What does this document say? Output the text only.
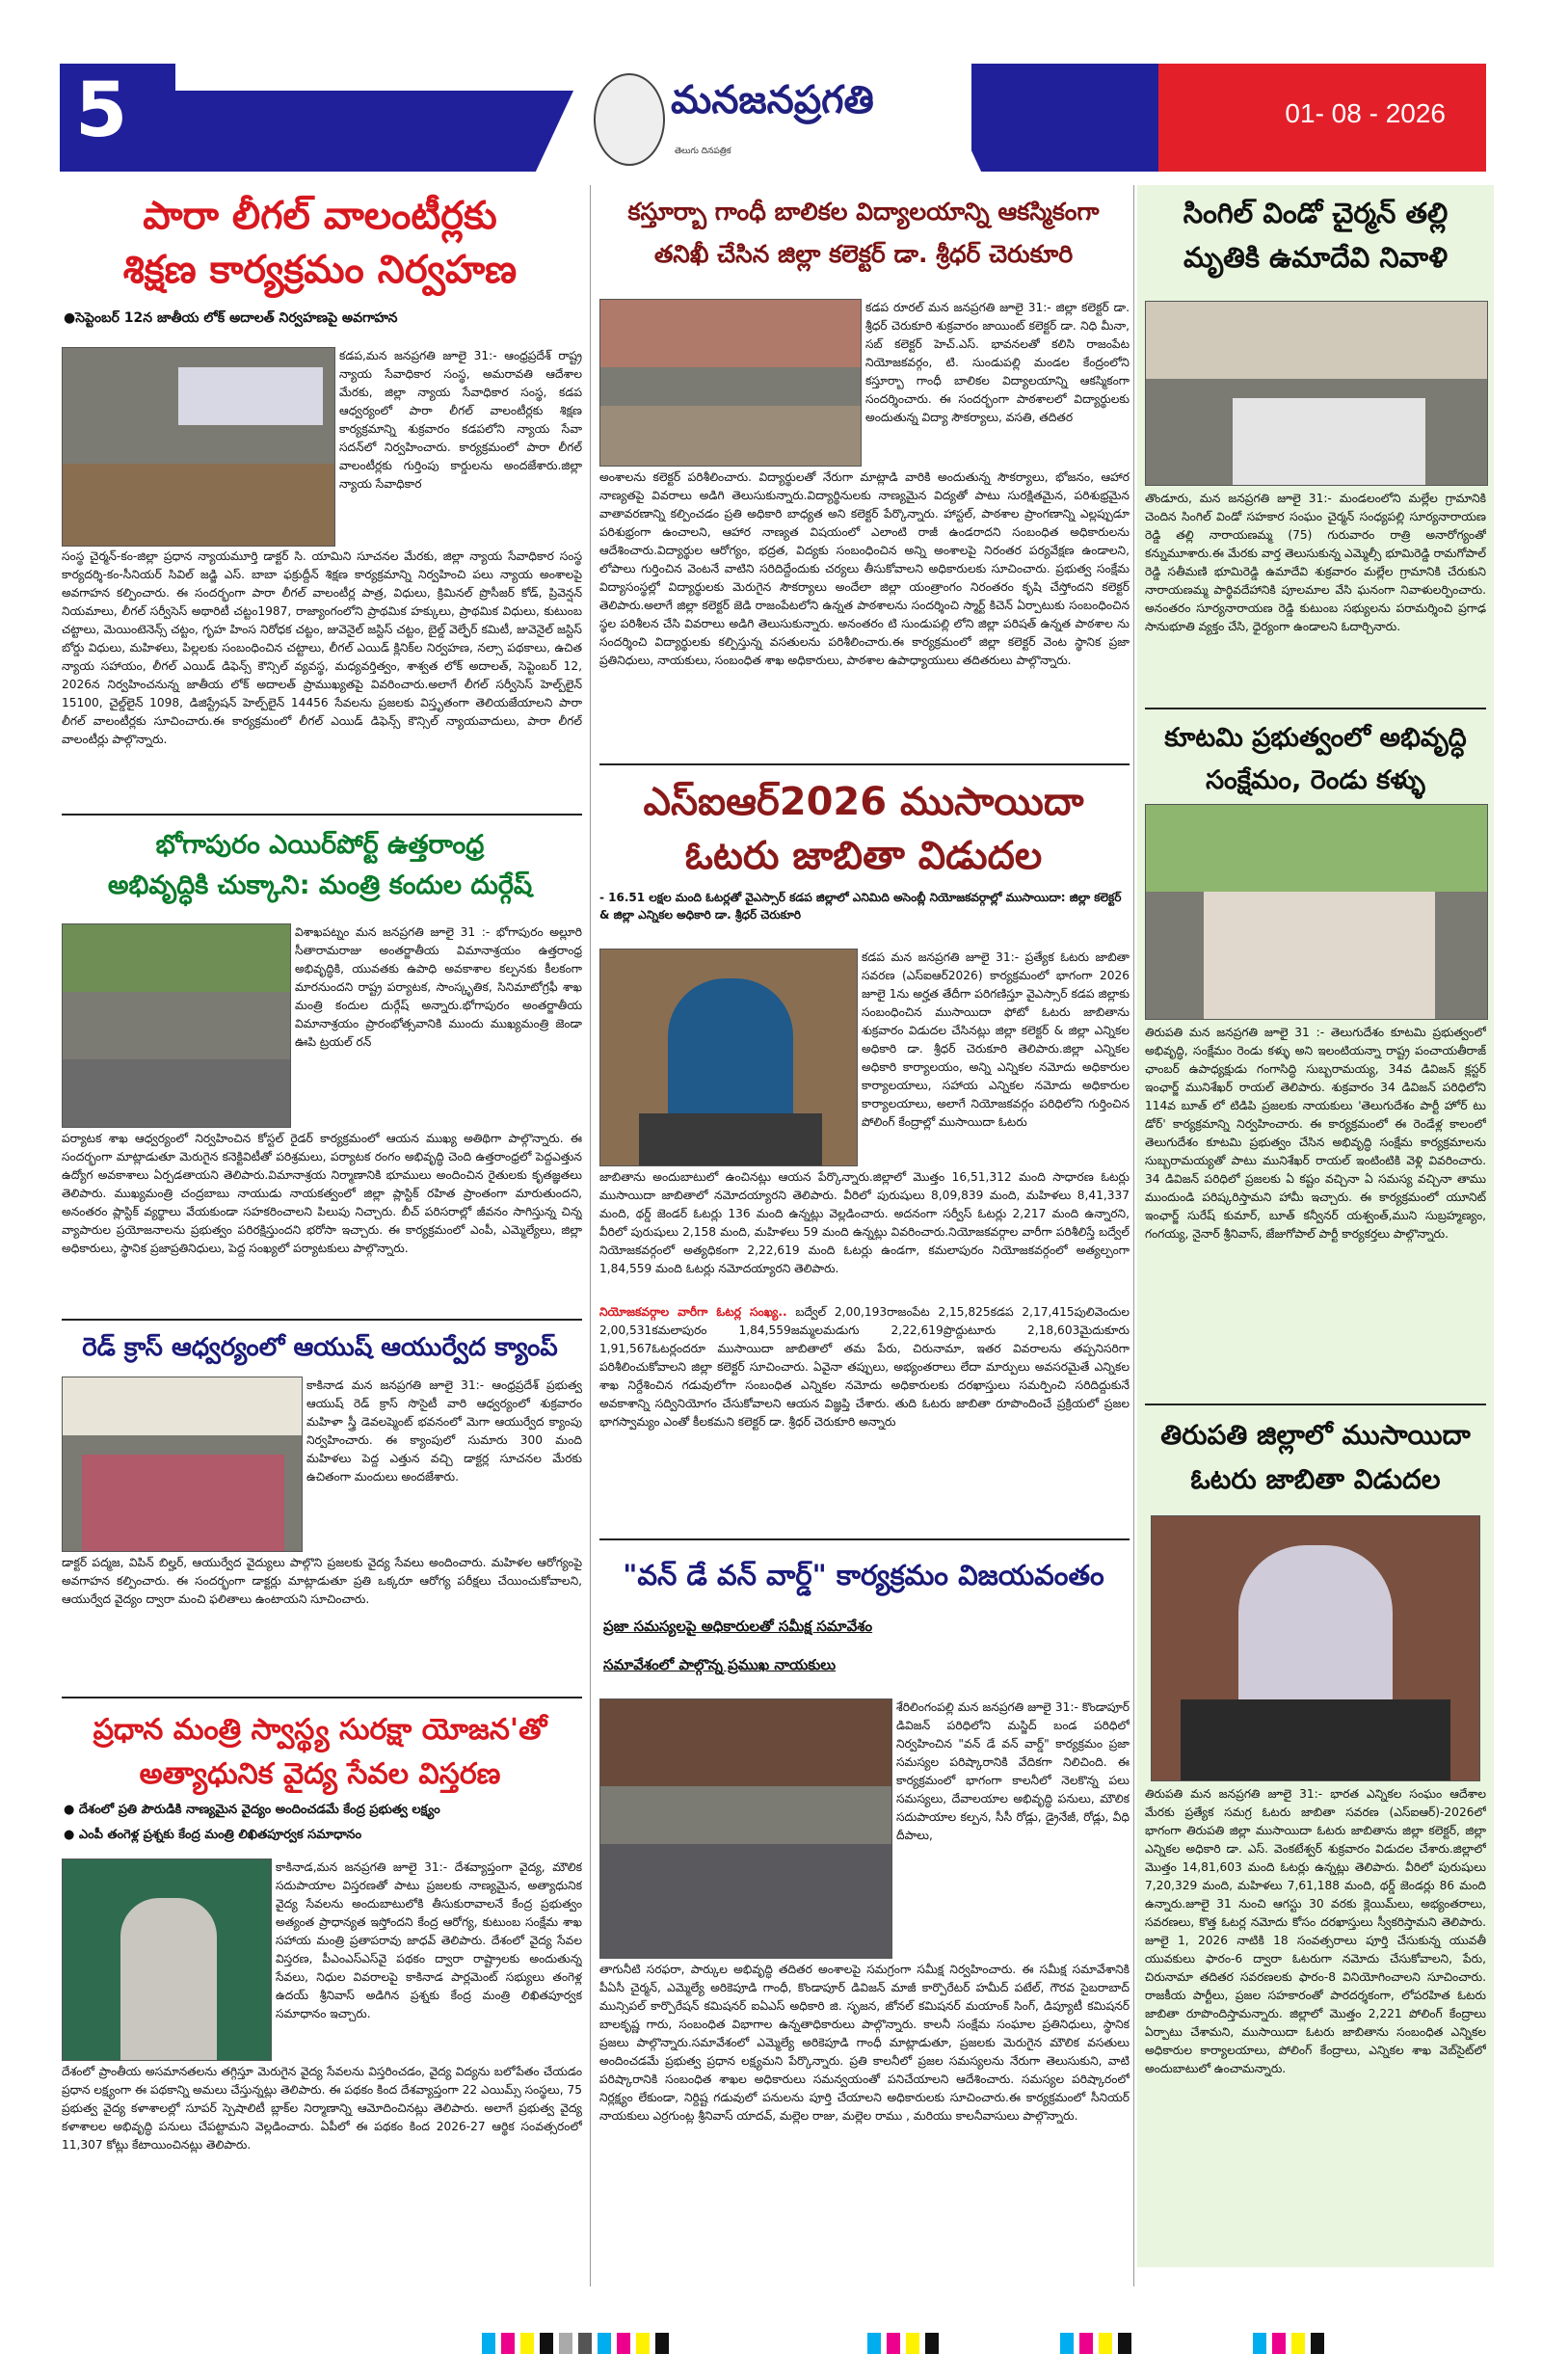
5	01- 08 - 2026
మనజనప్రగతి
తెలుగు దినపత్రిక
పారా లీగల్ వాలంటీర్లకు
శిక్షణ కార్యక్రమం నిర్వహణ
●సెప్టెంబర్ 12న జాతీయ లోక్ అదాలత్ నిర్వహణపై అవగాహన
కడప,మన జనప్రగతి జూలై 31:- ఆంధ్రప్రదేశ్ రాష్ట్ర న్యాయ సేవాధికార సంస్థ, అమరావతి ఆదేశాల మేరకు, జిల్లా న్యాయ సేవాధికార సంస్థ, కడప ఆధ్వర్యంలో పారా లీగల్ వాలంటీర్లకు శిక్షణ కార్యక్రమాన్ని శుక్రవారం కడపలోని న్యాయ సేవా సదన్‌లో నిర్వహించారు. కార్యక్రమంలో పారా లీగల్ వాలంటీర్లకు గుర్తింపు కార్డులను అందజేశారు.జిల్లా న్యాయ సేవాధికార
సంస్థ చైర్మన్-కం-జిల్లా ప్రధాన న్యాయమూర్తి డాక్టర్ సి. యామిని సూచనల మేరకు, జిల్లా న్యాయ సేవాధికార సంస్థ కార్యదర్శి-కం-సీనియర్ సివిల్ జడ్జి ఎస్. బాబా ఫక్రుద్దీన్ శిక్షణ కార్యక్రమాన్ని నిర్వహించి పలు న్యాయ అంశాలపై అవగాహన కల్పించారు. ఈ సందర్భంగా పారా లీగల్ వాలంటీర్ల పాత్ర, విధులు, క్రిమినల్ ప్రొసీజర్ కోడ్, ప్రివెన్షన్ నియమాలు, లీగల్ సర్వీసెస్ అథారిటీ చట్టం1987, రాజ్యాంగంలోని ప్రాథమిక హక్కులు, ప్రాథమిక విధులు, కుటుంబ చట్టాలు, మెయింటెనెన్స్ చట్టం, గృహ హింస నిరోధక చట్టం, జువెనైల్ జస్టిస్ చట్టం, బైల్డ్ వెల్ఫేర్ కమిటీ, జువెనైల్ జస్టిస్ బోర్డు విధులు, మహిళలు, పిల్లలకు సంబంధించిన చట్టాలు, లీగల్ ఎయిడ్ క్లినిక్‌ల నిర్వహణ, నల్సా పథకాలు, ఉచిత న్యాయ సహాయం, లీగల్ ఎయిడ్ డిఫెన్స్ కౌన్సిల్ వ్యవస్థ, మధ్యవర్తిత్వం, శాశ్వత లోక్ అదాలత్, సెప్టెంబర్ 12, 2026న నిర్వహించనున్న జాతీయ లోక్ అదాలత్ ప్రాముఖ్యతపై వివరించారు.అలాగే లీగల్ సర్వీసెస్ హెల్ప్‌లైన్ 15100, చైల్డ్‌లైన్ 1098, డిజిస్ట్రేషన్ హెల్ప్‌లైన్ 14456 సేవలను ప్రజలకు విస్తృతంగా తెలియజేయాలని పారా లీగల్ వాలంటీర్లకు సూచించారు.ఈ కార్యక్రమంలో లీగల్ ఎయిడ్ డిఫెన్స్ కౌన్సిల్ న్యాయవాదులు, పారా లీగల్ వాలంటీర్లు పాల్గొన్నారు.
భోగాపురం ఎయిర్‌పోర్ట్ ఉత్తరాంధ్ర
అభివృద్ధికి చుక్కాని: మంత్రి కందుల దుర్గేష్
విశాఖపట్నం మన జనప్రగతి జూలై 31 :- భోగాపురం అల్లూరి సీతారామరాజు అంతర్జాతీయ విమానాశ్రయం ఉత్తరాంధ్ర అభివృద్ధికి, యువతకు ఉపాధి అవకాశాల కల్పనకు కీలకంగా మారనుందని రాష్ట్ర పర్యాటక, సాంస్కృతిక, సినిమాటోగ్రఫీ శాఖ మంత్రి కందుల దుర్గేష్ అన్నారు.భోగాపురం అంతర్జాతీయ విమానాశ్రయం ప్రారంభోత్సవానికి ముందు ముఖ్యమంత్రి జెండా ఊపి ట్రయల్ రన్
పర్యాటక శాఖ ఆధ్వర్యంలో నిర్వహించిన కోస్టల్ రైడర్ కార్యక్రమంలో ఆయన ముఖ్య అతిథిగా పాల్గొన్నారు. ఈ సందర్భంగా మాట్లాడుతూ మెరుగైన కనెక్టివిటీతో పరిశ్రమలు, పర్యాటక రంగం అభివృద్ధి చెంది ఉత్తరాంధ్రలో పెద్దఎత్తున ఉద్యోగ అవకాశాలు ఏర్పడతాయని తెలిపారు.విమానాశ్రయ నిర్మాణానికి భూములు అందించిన రైతులకు కృతజ్ఞతలు తెలిపారు. ముఖ్యమంత్రి చంద్రబాబు నాయుడు నాయకత్వంలో జిల్లా ప్లాస్టిక్ రహిత ప్రాంతంగా మారుతుందని, అనంతరం ప్లాస్టిక్ వ్యర్థాలు వేయకుండా సహకరించాలని పిలుపు నిచ్చారు. బీచ్ పరిసరాల్లో జీవనం సాగిస్తున్న చిన్న వ్యాపారుల ప్రయోజనాలను ప్రభుత్వం పరిరక్షిస్తుందని భరోసా ఇచ్చారు. ఈ కార్యక్రమంలో ఎంపీ, ఎమ్మెల్యేలు, జిల్లా అధికారులు, స్థానిక ప్రజాప్రతినిధులు, పెద్ద సంఖ్యలో పర్యాటకులు పాల్గొన్నారు.
రెడ్ క్రాస్ ఆధ్వర్యంలో ఆయుష్ ఆయుర్వేద క్యాంప్
కాకినాడ మన జనప్రగతి జూలై 31:- ఆంధ్రప్రదేశ్ ప్రభుత్వ ఆయుష్ రెడ్ క్రాస్ సొసైటీ వారి ఆధ్వర్యంలో శుక్రవారం మహిళా స్త్రీ డెవలప్మెంట్ భవనంలో మెగా ఆయుర్వేద క్యాంపు నిర్వహించారు. ఈ క్యాంపులో సుమారు 300 మంది మహిళలు పెద్ద ఎత్తున వచ్చి డాక్టర్ల సూచనల మేరకు ఉచితంగా మందులు అందజేశారు.
డాక్టర్ పద్మజ, విపిన్ బిల్హర్, ఆయుర్వేద వైద్యులు పాల్గొని ప్రజలకు వైద్య సేవలు అందించారు. మహిళల ఆరోగ్యంపై అవగాహన కల్పించారు. ఈ సందర్భంగా డాక్టర్లు మాట్లాడుతూ ప్రతి ఒక్కరూ ఆరోగ్య పరీక్షలు చేయించుకోవాలని, ఆయుర్వేద వైద్యం ద్వారా మంచి ఫలితాలు ఉంటాయని సూచించారు.
ప్రధాన మంత్రి స్వాస్థ్య సురక్షా యోజన'తో
అత్యాధునిక వైద్య సేవల విస్తరణ
● దేశంలో ప్రతి పౌరుడికి నాణ్యమైన వైద్యం అందించడమే కేంద్ర ప్రభుత్వ లక్ష్యం
● ఎంపీ తంగెళ్ల ప్రశ్నకు కేంద్ర మంత్రి లిఖితపూర్వక సమాధానం
కాకినాడ,మన జనప్రగతి జూలై 31:- దేశవ్యాప్తంగా వైద్య, మౌలిక సదుపాయాల విస్తరణతో పాటు ప్రజలకు నాణ్యమైన, అత్యాధునిక వైద్య సేవలను అందుబాటులోకి తీసుకురావాలనే కేంద్ర ప్రభుత్వం అత్యంత ప్రాధాన్యత ఇస్తోందని కేంద్ర ఆరోగ్య, కుటుంబ సంక్షేమ శాఖ సహాయ మంత్రి ప్రతాపరావు జాధవ్ తెలిపారు. దేశంలో వైద్య సేవల విస్తరణ, పీఎంఎస్ఎస్‌వై పథకం ద్వారా రాష్ట్రాలకు అందుతున్న సేవలు, నిధుల వివరాలపై కాకినాడ పార్లమెంట్ సభ్యులు తంగెళ్ల ఉదయ్ శ్రీనివాస్ అడిగిన ప్రశ్నకు కేంద్ర మంత్రి లిఖితపూర్వక సమాధానం ఇచ్చారు.
దేశంలో ప్రాంతీయ అసమానతలను తగ్గిస్తూ మెరుగైన వైద్య సేవలను విస్తరించడం, వైద్య విద్యను బలోపేతం చేయడం ప్రధాన లక్ష్యంగా ఈ పథకాన్ని అమలు చేస్తున్నట్లు తెలిపారు. ఈ పథకం కింద దేశవ్యాప్తంగా 22 ఎయిమ్స్ సంస్థలు, 75 ప్రభుత్వ వైద్య కళాశాలల్లో సూపర్ స్పెషాలిటీ బ్లాక్‌ల నిర్మాణాన్ని ఆమోదించినట్లు తెలిపారు. అలాగే ప్రభుత్వ వైద్య కళాశాలల అభివృద్ధి పనులు చేపట్టామని వెల్లడించారు. ఏపీలో ఈ పథకం కింద 2026-27 ఆర్థిక సంవత్సరంలో 11,307 కోట్లు కేటాయించినట్లు తెలిపారు.
కస్తూర్బా గాంధీ బాలికల విద్యాలయాన్ని ఆకస్మికంగా
తనిఖీ చేసిన జిల్లా కలెక్టర్ డా. శ్రీధర్ చెరుకూరి
కడప రూరల్ మన జనప్రగతి జూలై 31:- జిల్లా కలెక్టర్ డా. శ్రీధర్ చెరుకూరి శుక్రవారం జాయింట్ కలెక్టర్ డా. నిధి మీనా, సబ్ కలెక్టర్ హెచ్.ఎస్. భావనలతో కలిసి రాజంపేట నియోజకవర్గం, టి. సుండుపల్లి మండల కేంద్రంలోని కస్తూర్బా గాంధీ బాలికల విద్యాలయాన్ని ఆకస్మికంగా సందర్శించారు. ఈ సందర్భంగా పాఠశాలలో విద్యార్థులకు అందుతున్న విద్యా సౌకర్యాలు, వసతి, తదితర
అంశాలను కలెక్టర్ పరిశీలించారు. విద్యార్థులతో నేరుగా మాట్లాడి వారికి అందుతున్న సౌకర్యాలు, భోజనం, ఆహార నాణ్యతపై వివరాలు అడిగి తెలుసుకున్నారు.విద్యార్థినులకు నాణ్యమైన విద్యతో పాటు సురక్షితమైన, పరిశుభ్రమైన వాతావరణాన్ని కల్పించడం ప్రతి అధికారి బాధ్యత అని కలెక్టర్ పేర్కొన్నారు. హాస్టల్, పాఠశాల ప్రాంగణాన్ని ఎల్లప్పుడూ పరిశుభ్రంగా ఉంచాలని, ఆహార నాణ్యత విషయంలో ఎలాంటి రాజీ ఉండరాదని సంబంధిత అధికారులను ఆదేశించారు.విద్యార్థుల ఆరోగ్యం, భద్రత, విద్యకు సంబంధించిన అన్ని అంశాలపై నిరంతర పర్యవేక్షణ ఉండాలని, లోపాలు గుర్తించిన వెంటనే వాటిని సరిదిద్దేందుకు చర్యలు తీసుకోవాలని అధికారులకు సూచించారు. ప్రభుత్వ సంక్షేమ విద్యాసంస్థల్లో విద్యార్థులకు మెరుగైన సౌకర్యాలు అందేలా జిల్లా యంత్రాంగం నిరంతరం కృషి చేస్తోందని కలెక్టర్ తెలిపారు.అలాగే జిల్లా కలెక్టర్ జెడి రాజంపేటలోని ఉన్నత పాఠశాలను సందర్శించి స్మార్ట్ కిచెన్ ఏర్పాటుకు సంబంధించిన స్థల పరిశీలన చేసి వివరాలు అడిగి తెలుసుకున్నారు. అనంతరం టి సుండుపల్లి లోని జిల్లా పరిషత్ ఉన్నత పాఠశాల ను సందర్శించి విద్యార్థులకు కల్పిస్తున్న వసతులను పరిశీలించారు.ఈ కార్యక్రమంలో జిల్లా కలెక్టర్ వెంట స్థానిక ప్రజా ప్రతినిధులు, నాయకులు, సంబంధిత శాఖ అధికారులు, పాఠశాల ఉపాధ్యాయులు తదితరులు పాల్గొన్నారు.
ఎస్ఐఆర్2026 ముసాయిదా
ఓటరు జాబితా విడుదల
- 16.51 లక్షల మంది ఓటర్లతో వైఎస్సార్ కడప జిల్లాలో ఎనిమిది అసెంబ్లీ నియోజకవర్గాల్లో ముసాయిదా: జిల్లా కలెక్టర్ & జిల్లా ఎన్నికల అధికారి డా. శ్రీధర్ చెరుకూరి
కడప మన జనప్రగతి జూలై 31:- ప్రత్యేక ఓటరు జాబితా సవరణ (ఎస్ఐఆర్2026) కార్యక్రమంలో భాగంగా 2026 జూలై 1ను అర్హత తేదీగా పరిగణిస్తూ వైఎస్సార్ కడప జిల్లాకు సంబంధించిన ముసాయిదా ఫోటో ఓటరు జాబితాను శుక్రవారం విడుదల చేసినట్లు జిల్లా కలెక్టర్ & జిల్లా ఎన్నికల అధికారి డా. శ్రీధర్ చెరుకూరి తెలిపారు.జిల్లా ఎన్నికల అధికారి కార్యాలయం, అన్ని ఎన్నికల నమోదు అధికారుల కార్యాలయాలు, సహాయ ఎన్నికల నమోదు అధికారుల కార్యాలయాలు, అలాగే నియోజకవర్గం పరిధిలోని గుర్తించిన పోలింగ్ కేంద్రాల్లో ముసాయిదా ఓటరు
జాబితాను అందుబాటులో ఉంచినట్లు ఆయన పేర్కొన్నారు.జిల్లాలో మొత్తం 16,51,312 మంది సాధారణ ఓటర్లు ముసాయిదా జాబితాలో నమోదయ్యారని తెలిపారు. వీరిలో పురుషులు 8,09,839 మంది, మహిళలు 8,41,337 మంది, థర్డ్ జెండర్ ఓటర్లు 136 మంది ఉన్నట్లు వెల్లడించారు. అదనంగా సర్వీస్ ఓటర్లు 2,217 మంది ఉన్నారని, వీరిలో పురుషులు 2,158 మంది, మహిళలు 59 మంది ఉన్నట్లు వివరించారు.నియోజకవర్గాల వారీగా పరిశీలిస్తే బద్వేల్ నియోజకవర్గంలో అత్యధికంగా 2,22,619 మంది ఓటర్లు ఉండగా, కమలాపురం నియోజకవర్గంలో అత్యల్పంగా 1,84,559 మంది ఓటర్లు నమోదయ్యారని తెలిపారు.
నియోజకవర్గాల వారీగా ఓటర్ల సంఖ్య.. బద్వేల్ 2,00,193రాజంపేట 2,15,825కడప 2,17,415పులివెందుల 2,00,531కమలాపురం 1,84,559జమ్మలమడుగు 2,22,619ప్రొద్దుటూరు 2,18,603మైదుకూరు 1,91,567ఓటర్లందరూ ముసాయిదా జాబితాలో తమ పేరు, చిరునామా, ఇతర వివరాలను తప్పనిసరిగా పరిశీలించుకోవాలని జిల్లా కలెక్టర్ సూచించారు. ఏవైనా తప్పులు, అభ్యంతరాలు లేదా మార్పులు అవసరమైతే ఎన్నికల శాఖ నిర్దేశించిన గడువులోగా సంబంధిత ఎన్నికల నమోదు అధికారులకు దరఖాస్తులు సమర్పించి సరిదిద్దుకునే అవకాశాన్ని సద్వినియోగం చేసుకోవాలని ఆయన విజ్ఞప్తి చేశారు. తుది ఓటరు జాబితా రూపొందించే ప్రక్రియలో ప్రజల భాగస్వామ్యం ఎంతో కీలకమని కలెక్టర్ డా. శ్రీధర్ చెరుకూరి అన్నారు
"వన్ డే వన్ వార్డ్" కార్యక్రమం విజయవంతం
ప్రజా సమస్యలపై అధికారులతో సమీక్ష సమావేశం
సమావేశంలో పాల్గొన్న ప్రముఖ నాయకులు
శేరిలింగంపల్లి మన జనప్రగతి జూలై 31:- కొండాపూర్ డివిజన్ పరిధిలోని మస్జిద్ బండ పరిధిలో నిర్వహించిన "వన్ డే వన్ వార్డ్" కార్యక్రమం ప్రజా సమస్యల పరిష్కారానికి వేదికగా నిలిచింది. ఈ కార్యక్రమంలో భాగంగా కాలనీలో నెలకొన్న పలు సమస్యలు, దేవాలయాల అభివృద్ధి పనులు, మౌలిక సదుపాయాల కల్పన, సీసీ రోడ్లు, డ్రైనేజీ, రోడ్లు, వీధి దీపాలు,
తాగునీటి సరఫరా, పార్కుల అభివృద్ధి తదితర అంశాలపై సమగ్రంగా సమీక్ష నిర్వహించారు. ఈ సమీక్ష సమావేశానికి పీఏసీ చైర్మన్, ఎమ్మెల్యే అరికెపూడి గాంధీ, కొండాపూర్ డివిజన్ మాజీ కార్పొరేటర్ హమీద్ పటేల్, గౌరవ సైబరాబాద్ మున్సిపల్ కార్పొరేషన్ కమిషనర్ ఐఏఎస్ అధికారి జి. సృజన, జోనల్ కమిషనర్ మయాంక్ సింగ్, డిప్యూటీ కమిషనర్ బాలకృష్ణ గారు, సంబంధిత విభాగాల ఉన్నతాధికారులు పాల్గొన్నారు. కాలనీ సంక్షేమ సంఘాల ప్రతినిధులు, స్థానిక ప్రజలు పాల్గొన్నారు.సమావేశంలో ఎమ్మెల్యే అరికెపూడి గాంధీ మాట్లాడుతూ, ప్రజలకు మెరుగైన మౌలిక వసతులు అందించడమే ప్రభుత్వ ప్రధాన లక్ష్యమని పేర్కొన్నారు. ప్రతి కాలనీలో ప్రజల సమస్యలను నేరుగా తెలుసుకుని, వాటి పరిష్కారానికి సంబంధిత శాఖల అధికారులు సమన్వయంతో పనిచేయాలని ఆదేశించారు. సమస్యల పరిష్కారంలో నిర్లక్ష్యం లేకుండా, నిర్దిష్ట గడువులో పనులను పూర్తి చేయాలని అధికారులకు సూచించారు.ఈ కార్యక్రమంలో సీనియర్ నాయకులు ఎర్రగుంట్ల శ్రీనివాస్ యాదవ్, మల్లెల రాజు, మల్లెల రాము , మరియు కాలనీవాసులు పాల్గొన్నారు.
సింగిల్ విండో చైర్మన్ తల్లి
మృతికి ఉమాదేవి నివాళి
తొండూరు, మన జనప్రగతి జూలై 31:- మండలంలోని మల్లేల గ్రామానికి చెందిన సింగిల్ విండో సహకార సంఘం చైర్మన్ సంధ్యపల్లి సూర్యనారాయణ రెడ్డి తల్లి నారాయణమ్మ (75) గురువారం రాత్రి అనారోగ్యంతో కన్నుమూశారు.ఈ మేరకు వార్త తెలుసుకున్న ఎమ్మెల్సీ భూమిరెడ్డి రామగోపాల్ రెడ్డి సతీమణి భూమిరెడ్డి ఉమాదేవి శుక్రవారం మల్లేల గ్రామానికి చేరుకుని నారాయణమ్మ పార్థివదేహానికి పూలమాల వేసి ఘనంగా నివాళులర్పించారు. అనంతరం సూర్యనారాయణ రెడ్డి కుటుంబ సభ్యులను పరామర్శించి ప్రగాఢ సానుభూతి వ్యక్తం చేసి, ధైర్యంగా ఉండాలని ఓదార్చినారు.
కూటమి ప్రభుత్వంలో అభివృద్ధి
సంక్షేమం, రెండు కళ్ళు
తిరుపతి మన జనప్రగతి జూలై 31 :- తెలుగుదేశం కూటమి ప్రభుత్వంలో అభివృద్ధి, సంక్షేమం రెండు కళ్ళు అని ఇలంటియన్నా రాష్ట్ర పంచాయతీరాజ్ ఛాంబర్ ఉపాధ్యక్షుడు గంగాసిద్ధి సుబ్బరామయ్య, 34వ డివిజన్ క్లస్టర్ ఇంఛార్జ్ మునిశేఖర్ రాయల్ తెలిపారు. శుక్రవారం 34 డివిజన్ పరిధిలోని 114వ బూత్ లో టిడిపి ప్రజలకు నాయకులు 'తెలుగుదేశం పార్టీ హోర్ టు డోర్' కార్యక్రమాన్ని నిర్వహించారు. ఈ కార్యక్రమంలో ఈ రెండేళ్ల కాలంలో తెలుగుదేశం కూటమి ప్రభుత్వం చేసిన అభివృద్ధి సంక్షేమ కార్యక్రమాలను సుబ్బరామయ్యతో పాటు మునిశేఖర్ రాయల్ ఇంటింటికి వెళ్లి వివరించారు. 34 డివిజన్ పరిధిలో ప్రజలకు ఏ కష్టం వచ్చినా ఏ సమస్య వచ్చినా తాము ముందుండి పరిష్కరిస్తామని హామీ ఇచ్చారు. ఈ కార్యక్రమంలో యూనిట్ ఇంఛార్జ్ సురేష్ కుమార్, బూత్ కన్వీనర్ యశ్వంత్,ముని సుబ్రహ్మణ్యం, గంగయ్య, నైనార్ శ్రీనివాస్, జేజుగోపాల్ పార్టీ కార్యకర్తలు పాల్గొన్నారు.
తిరుపతి జిల్లాలో ముసాయిదా
ఓటరు జాబితా విడుదల
తిరుపతి మన జనప్రగతి జూలై 31:- భారత ఎన్నికల సంఘం ఆదేశాల మేరకు ప్రత్యేక సమగ్ర ఓటరు జాబితా సవరణ (ఎస్ఐఆర్)-2026లో భాగంగా తిరుపతి జిల్లా ముసాయిదా ఓటరు జాబితాను జిల్లా కలెక్టర్, జిల్లా ఎన్నికల అధికారి డా. ఎస్. వెంకటేశ్వర్ శుక్రవారం విడుదల చేశారు.జిల్లాలో మొత్తం 14,81,603 మంది ఓటర్లు ఉన్నట్లు తెలిపారు. వీరిలో పురుషులు 7,20,329 మంది, మహిళలు 7,61,188 మంది, థర్డ్ జెండర్లు 86 మంది ఉన్నారు.జూలై 31 నుంచి ఆగస్టు 30 వరకు క్లెయిమ్‌లు, అభ్యంతరాలు, సవరణలు, కొత్త ఓటర్ల నమోదు కోసం దరఖాస్తులు స్వీకరిస్తామని తెలిపారు. జూలై 1, 2026 నాటికి 18 సంవత్సరాలు పూర్తి చేసుకున్న యువతీ యువకులు ఫారం-6 ద్వారా ఓటరుగా నమోదు చేసుకోవాలని, పేరు, చిరునామా తదితర సవరణలకు ఫారం-8 వినియోగించాలని సూచించారు. రాజకీయ పార్టీలు, ప్రజల సహకారంతో పారదర్శకంగా, లోపరహిత ఓటరు జాబితా రూపొందిస్తామన్నారు. జిల్లాలో మొత్తం 2,221 పోలింగ్ కేంద్రాలు ఏర్పాటు చేశామని, ముసాయిదా ఓటరు జాబితాను సంబంధిత ఎన్నికల అధికారుల కార్యాలయాలు, పోలింగ్ కేంద్రాలు, ఎన్నికల శాఖ వెబ్‌సైట్‌లో అందుబాటులో ఉంచామన్నారు.
